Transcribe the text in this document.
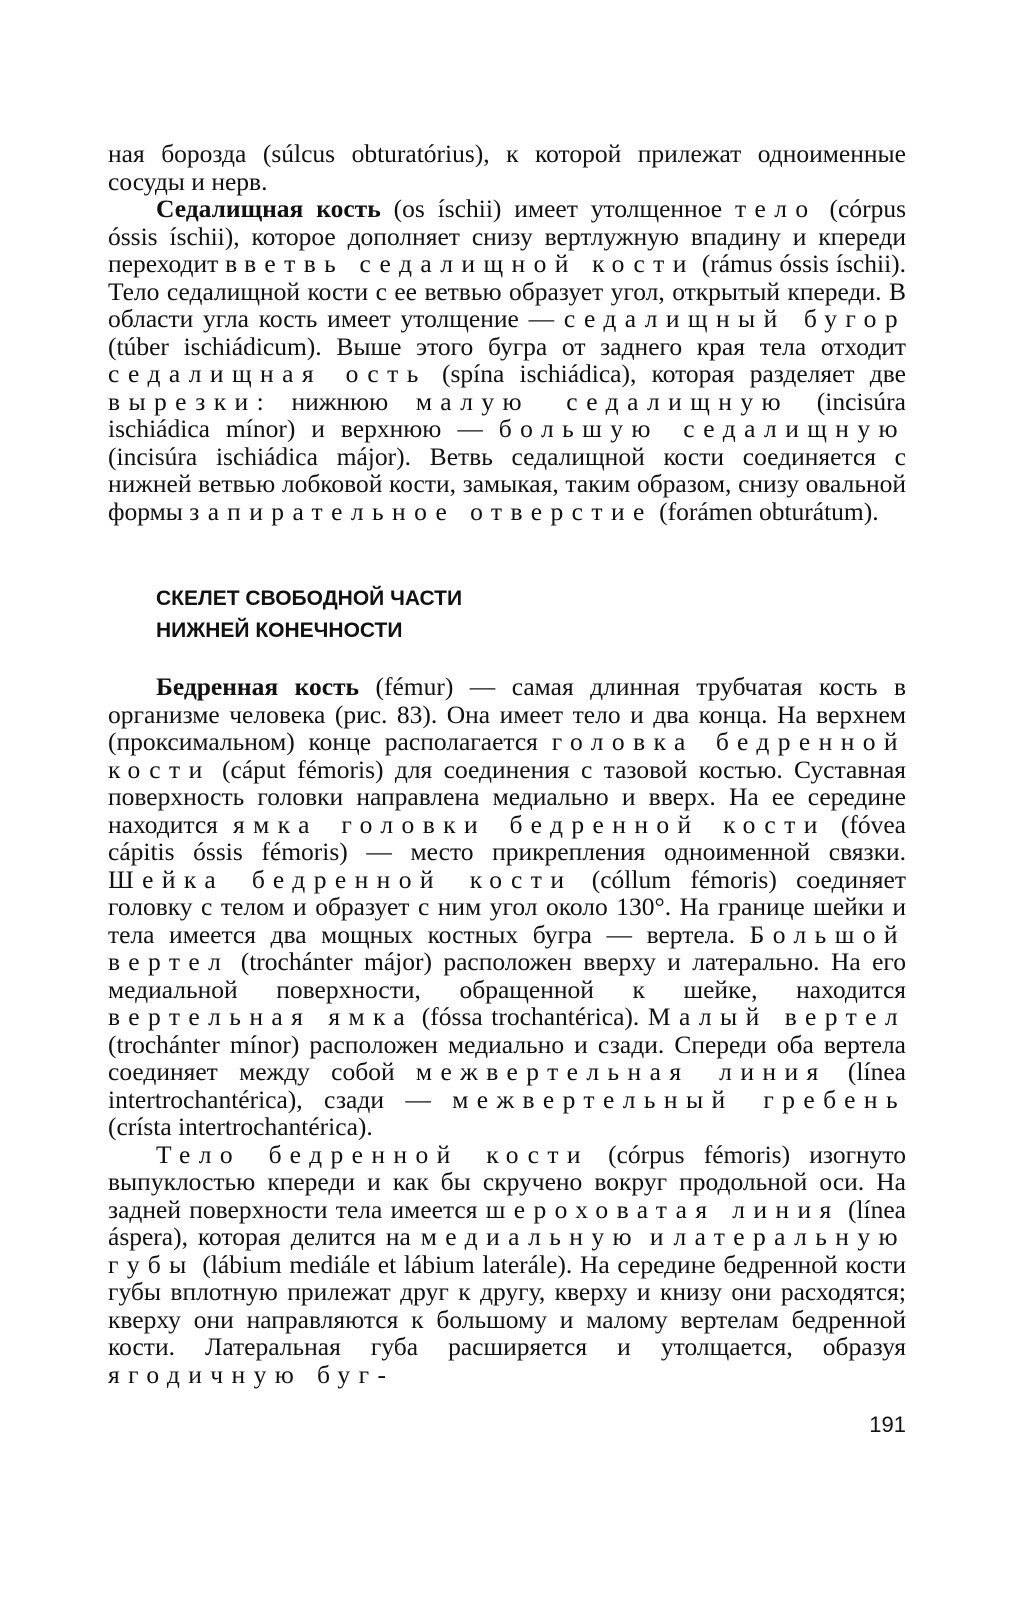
ная борозда (súlcus obturatórius), к которой прилежат одноименные сосуды и нерв.

Седалищная кость (os íschii) имеет утолщенное тело (córpus óssis íschii), которое дополняет снизу вертлужную впадину и кпереди переходит в ветвь седалищной кости (rámus óssis íschii). Тело седалищной кости с ее ветвью образует угол, открытый кпереди. В области угла кость имеет утолщение — седалищный бугор (túber ischiádicum). Выше этого бугра от заднего края тела отходит седалищная ость (spína ischiádica), которая разделяет две вырезки: нижнюю малую седалищную (incisúra ischiádica mínor) и верхнюю — большую седалищную (incisúra ischiádica májor). Ветвь седалищной кости соединяется с нижней ветвью лобковой кости, замыкая, таким образом, снизу овальной формы запирательное отверстие (forámen obturátum).

СКЕЛЕТ СВОБОДНОЙ ЧАСТИ

НИЖНЕЙ КОНЕЧНОСТИ

Бедренная кость (fémur) — самая длинная трубчатая кость в организме человека (рис. 83). Она имеет тело и два конца. На верхнем (проксимальном) конце располагается головка бедренной кости (cáput fémoris) для соединения с тазовой костью. Суставная поверхность головки направлена медиально и вверх. На ее середине находится ямка головки бедренной кости (fóvea cápitis óssis fémoris) — место прикрепления одноименной связки. Шейка бедренной кости (cóllum fémoris) соединяет головку с телом и образует с ним угол около 130°. На границе шейки и тела имеется два мощных костных бугра — вертела. Большой вертел (trochánter májor) расположен вверху и латерально. На его медиальной поверхности, обращенной к шейке, находится вертельная ямка (fóssa trochantérica). Малый вертел (trochánter mínor) расположен медиально и сзади. Спереди оба вертела соединяет между собой межвертельная линия (línea intertrochantérica), сзади — межвертельный гребень (crísta intertrochantérica).

Тело бедренной кости (córpus fémoris) изогнуто выпуклостью кпереди и как бы скручено вокруг продольной оси. На задней поверхности тела имеется шероховатая линия (línea áspera), которая делится на медиальную и латеральную губы (lábium mediále et lábium laterále). На середине бедренной кости губы вплотную прилежат друг к другу, кверху и книзу они расходятся; кверху они направляются к большому и малому вертелам бедренной кости. Латеральная губа расширяется и утолщается, образуя ягодичную буг-

191
